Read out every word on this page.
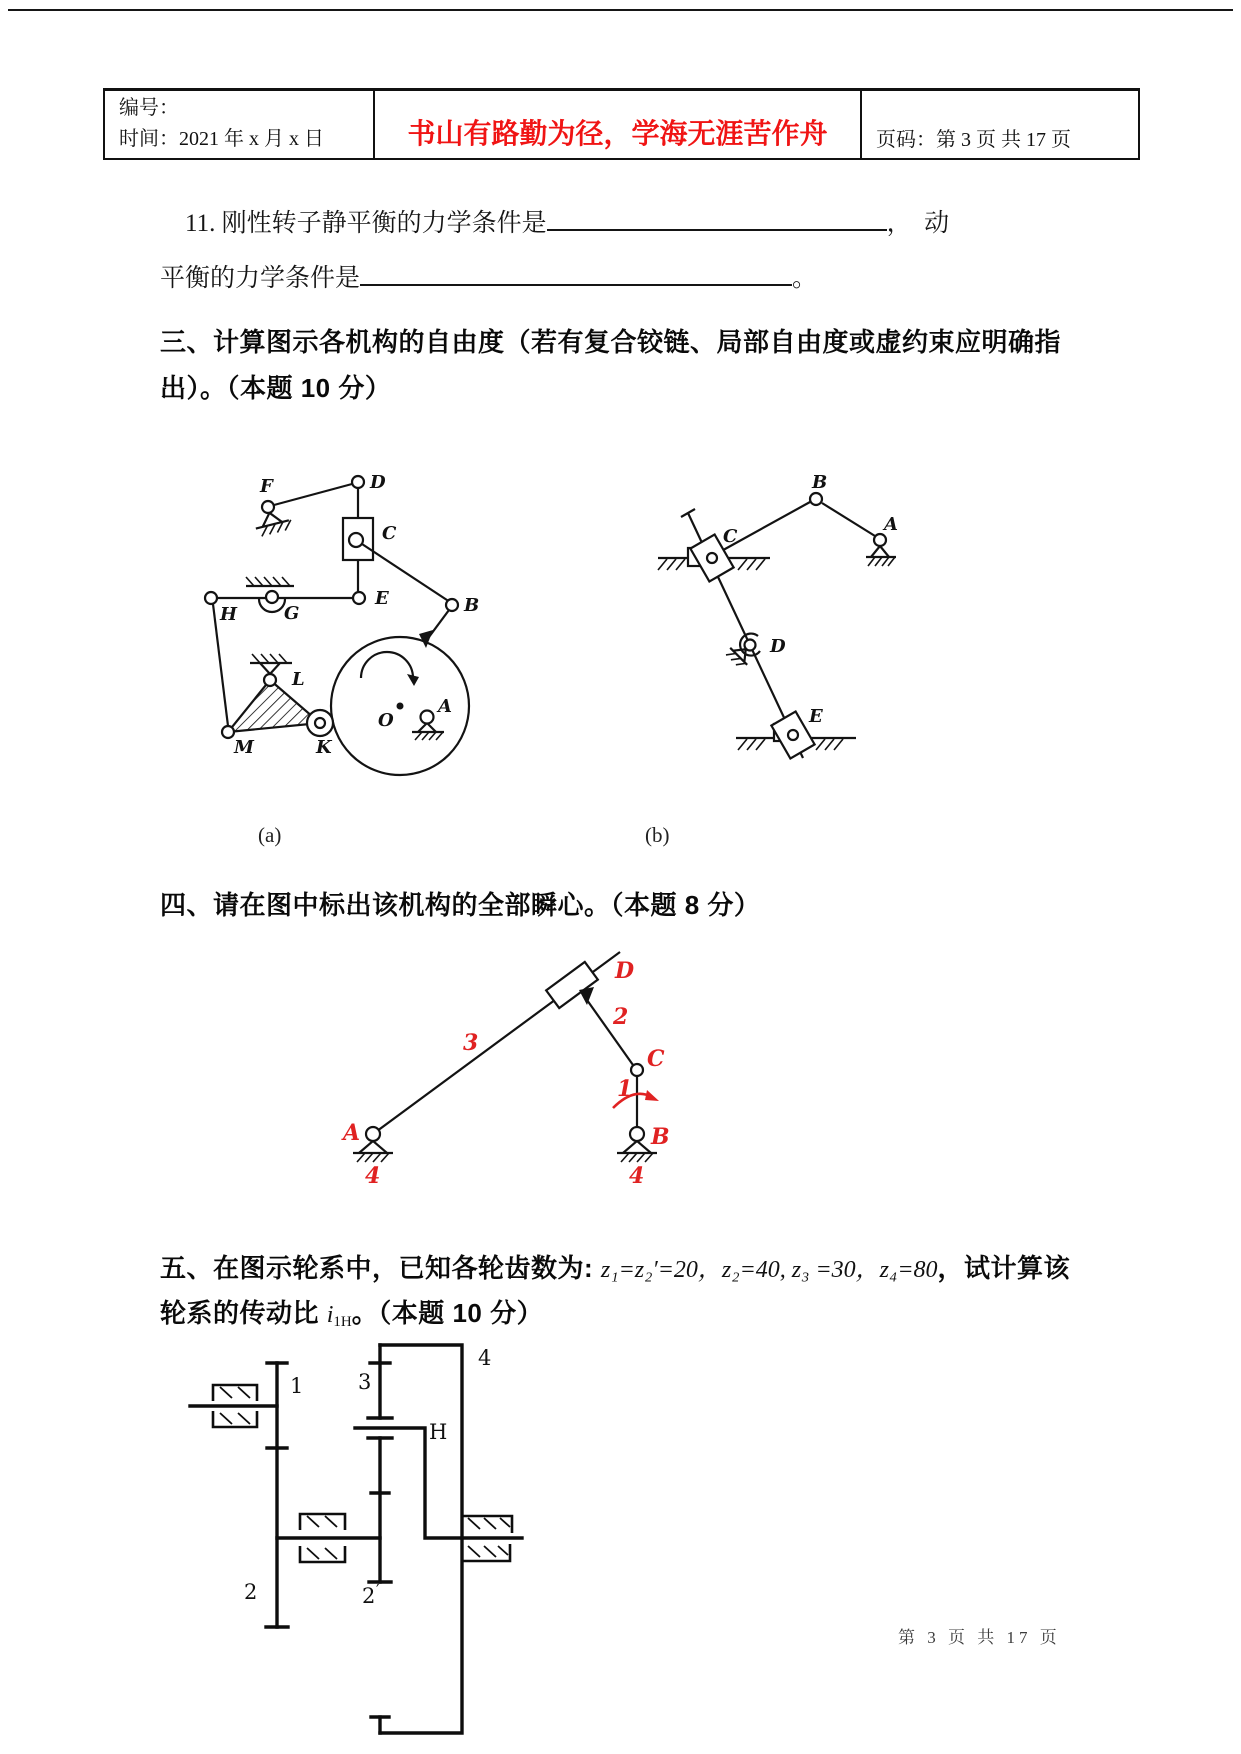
编号：
时间：2021 年 x 月 x 日	书山有路勤为径，学海无涯苦作舟 页码：第 3 页 共 17 页
11. 刚性转子静平衡的力学条件是	，　动
平衡的力学条件是	。
三、计算图示各机构的自由度（若有复合铰链、局部自由度或虚约束应明确指
出）。（本题 10 分）
F	D
C
E	B
H	G
L
M	K
O
A
B
A
C
D
E
(a)	(b)
四、请在图中标出该机构的全部瞬心。（本题 8 分）
D
2
3
C
1
A	B
4	4
五、在图示轮系中，已知各轮齿数为: z₁=z₂′=20，z₂=40, z₃ =30，z₄=80，试计算该
轮系的传动比 $i_{1H}$。（本题 10 分）
1	3
4
H
2	2 ′
第 3 页 共 17 页
